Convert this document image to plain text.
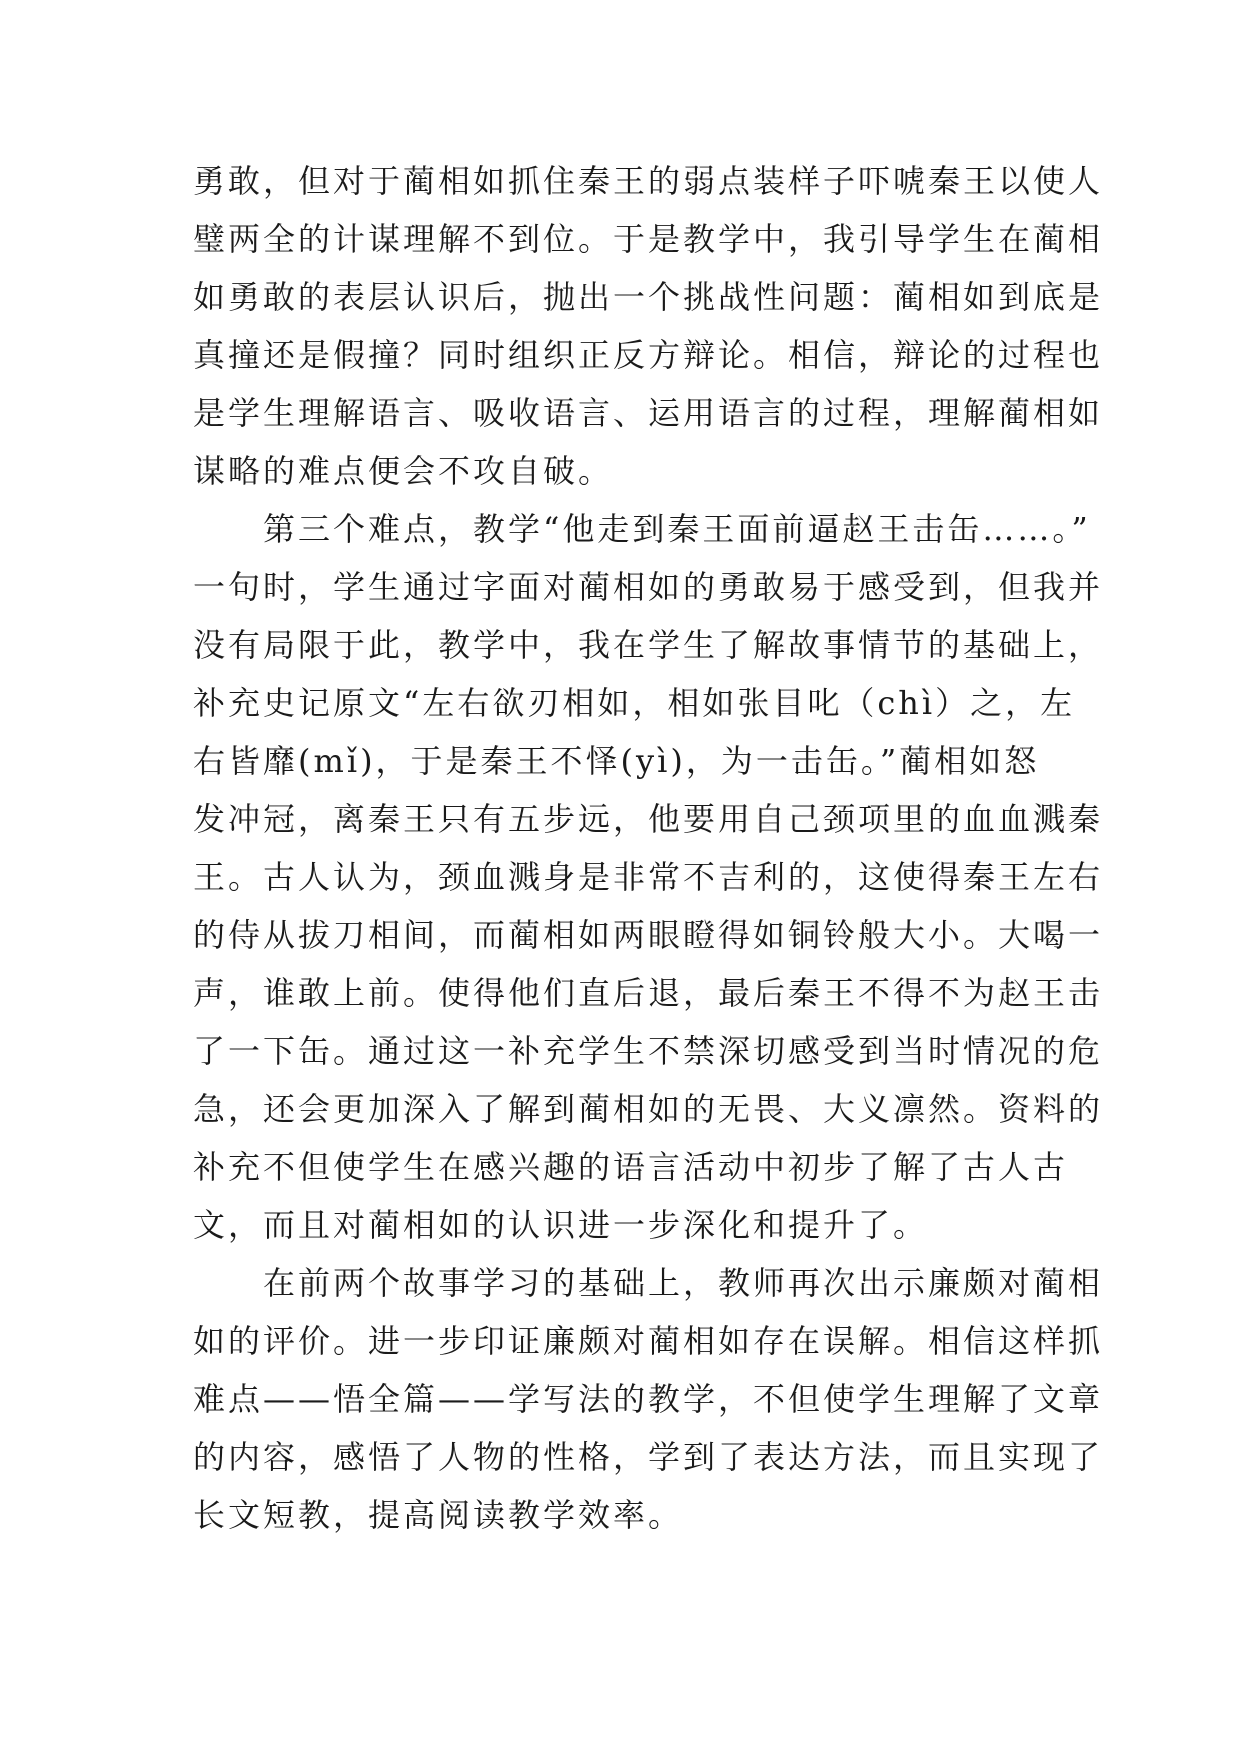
勇敢，但对于蔺相如抓住秦王的弱点装样子吓唬秦王以使人
璧两全的计谋理解不到位。于是教学中，我引导学生在蔺相
如勇敢的表层认识后，抛出一个挑战性问题：蔺相如到底是
真撞还是假撞？同时组织正反方辩论。相信，辩论的过程也
是学生理解语言、吸收语言、运用语言的过程，理解蔺相如
谋略的难点便会不攻自破。
　　第三个难点，教学“他走到秦王面前逼赵王击缶……。”
一句时，学生通过字面对蔺相如的勇敢易于感受到，但我并
没有局限于此，教学中，我在学生了解故事情节的基础上，
补充史记原文“左右欲刃相如，相如张目叱（chì）之，左
右皆靡(mǐ)，于是秦王不怿(yì)，为一击缶。”蔺相如怒
发冲冠，离秦王只有五步远，他要用自己颈项里的血血溅秦
王。古人认为，颈血溅身是非常不吉利的，这使得秦王左右
的侍从拔刀相间，而蔺相如两眼瞪得如铜铃般大小。大喝一
声，谁敢上前。使得他们直后退，最后秦王不得不为赵王击
了一下缶。通过这一补充学生不禁深切感受到当时情况的危
急，还会更加深入了解到蔺相如的无畏、大义凛然。资料的
补充不但使学生在感兴趣的语言活动中初步了解了古人古
文，而且对蔺相如的认识进一步深化和提升了。
　　在前两个故事学习的基础上，教师再次出示廉颇对蔺相
如的评价。进一步印证廉颇对蔺相如存在误解。相信这样抓
难点——悟全篇——学写法的教学，不但使学生理解了文章
的内容，感悟了人物的性格，学到了表达方法，而且实现了
长文短教，提高阅读教学效率。
